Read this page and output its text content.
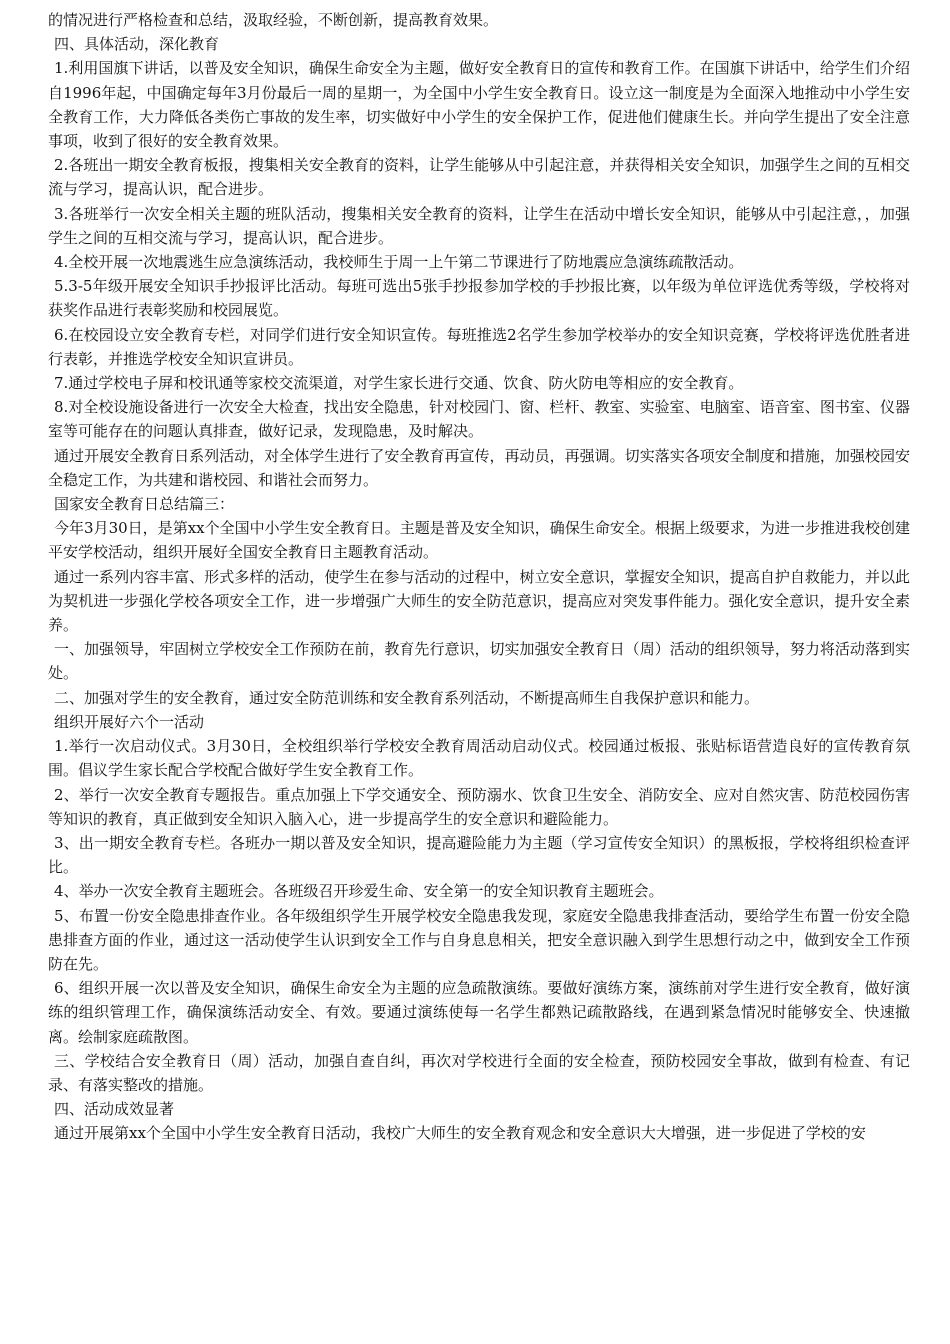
的情况进行严格检查和总结，汲取经验，不断创新，提高教育效果。

四、具体活动，深化教育

1.利用国旗下讲话，以普及安全知识，确保生命安全为主题，做好安全教育日的宣传和教育工作。在国旗下讲话中，给学生们介绍自1996年起，中国确定每年3月份最后一周的星期一，为全国中小学生安全教育日。设立这一制度是为全面深入地推动中小学生安全教育工作，大力降低各类伤亡事故的发生率，切实做好中小学生的安全保护工作，促进他们健康生长。并向学生提出了安全注意事项，收到了很好的安全教育效果。

2.各班出一期安全教育板报，搜集相关安全教育的资料，让学生能够从中引起注意，并获得相关安全知识，加强学生之间的互相交流与学习，提高认识，配合进步。

3.各班举行一次安全相关主题的班队活动，搜集相关安全教育的资料，让学生在活动中增长安全知识，能够从中引起注意，，加强学生之间的互相交流与学习，提高认识，配合进步。

4.全校开展一次地震逃生应急演练活动，我校师生于周一上午第二节课进行了防地震应急演练疏散活动。

5.3-5年级开展安全知识手抄报评比活动。每班可选出5张手抄报参加学校的手抄报比赛，以年级为单位评选优秀等级，学校将对获奖作品进行表彰奖励和校园展览。

6.在校园设立安全教育专栏，对同学们进行安全知识宣传。每班推选2名学生参加学校举办的安全知识竞赛，学校将评选优胜者进行表彰，并推选学校安全知识宣讲员。

7.通过学校电子屏和校讯通等家校交流渠道，对学生家长进行交通、饮食、防火防电等相应的安全教育。

8.对全校设施设备进行一次安全大检查，找出安全隐患，针对校园门、窗、栏杆、教室、实验室、电脑室、语音室、图书室、仪器室等可能存在的问题认真排查，做好记录，发现隐患，及时解决。

通过开展安全教育日系列活动，对全体学生进行了安全教育再宣传，再动员，再强调。切实落实各项安全制度和措施，加强校园安全稳定工作，为共建和谐校园、和谐社会而努力。

国家安全教育日总结篇三：

今年3月30日，是第xx个全国中小学生安全教育日。主题是普及安全知识，确保生命安全。根据上级要求，为进一步推进我校创建平安学校活动，组织开展好全国安全教育日主题教育活动。

通过一系列内容丰富、形式多样的活动，使学生在参与活动的过程中，树立安全意识，掌握安全知识，提高自护自救能力，并以此为契机进一步强化学校各项安全工作，进一步增强广大师生的安全防范意识，提高应对突发事件能力。强化安全意识，提升安全素养。

一、加强领导，牢固树立学校安全工作预防在前，教育先行意识，切实加强安全教育日（周）活动的组织领导，努力将活动落到实处。

二、加强对学生的安全教育，通过安全防范训练和安全教育系列活动，不断提高师生自我保护意识和能力。

组织开展好六个一活动

1.举行一次启动仪式。3月30日，全校组织举行学校安全教育周活动启动仪式。校园通过板报、张贴标语营造良好的宣传教育氛围。倡议学生家长配合学校配合做好学生安全教育工作。

2、举行一次安全教育专题报告。重点加强上下学交通安全、预防溺水、饮食卫生安全、消防安全、应对自然灾害、防范校园伤害等知识的教育，真正做到安全知识入脑入心，进一步提高学生的安全意识和避险能力。

3、出一期安全教育专栏。各班办一期以普及安全知识，提高避险能力为主题（学习宣传安全知识）的黑板报，学校将组织检查评比。

4、举办一次安全教育主题班会。各班级召开珍爱生命、安全第一的安全知识教育主题班会。

5、布置一份安全隐患排查作业。各年级组织学生开展学校安全隐患我发现，家庭安全隐患我排查活动，要给学生布置一份安全隐患排查方面的作业，通过这一活动使学生认识到安全工作与自身息息相关，把安全意识融入到学生思想行动之中，做到安全工作预防在先。

6、组织开展一次以普及安全知识，确保生命安全为主题的应急疏散演练。要做好演练方案，演练前对学生进行安全教育，做好演练的组织管理工作，确保演练活动安全、有效。要通过演练使每一名学生都熟记疏散路线，在遇到紧急情况时能够安全、快速撤离。绘制家庭疏散图。

三、学校结合安全教育日（周）活动，加强自查自纠，再次对学校进行全面的安全检查，预防校园安全事故，做到有检查、有记录、有落实整改的措施。

四、活动成效显著

通过开展第xx个全国中小学生安全教育日活动，我校广大师生的安全教育观念和安全意识大大增强，进一步促进了学校的安
